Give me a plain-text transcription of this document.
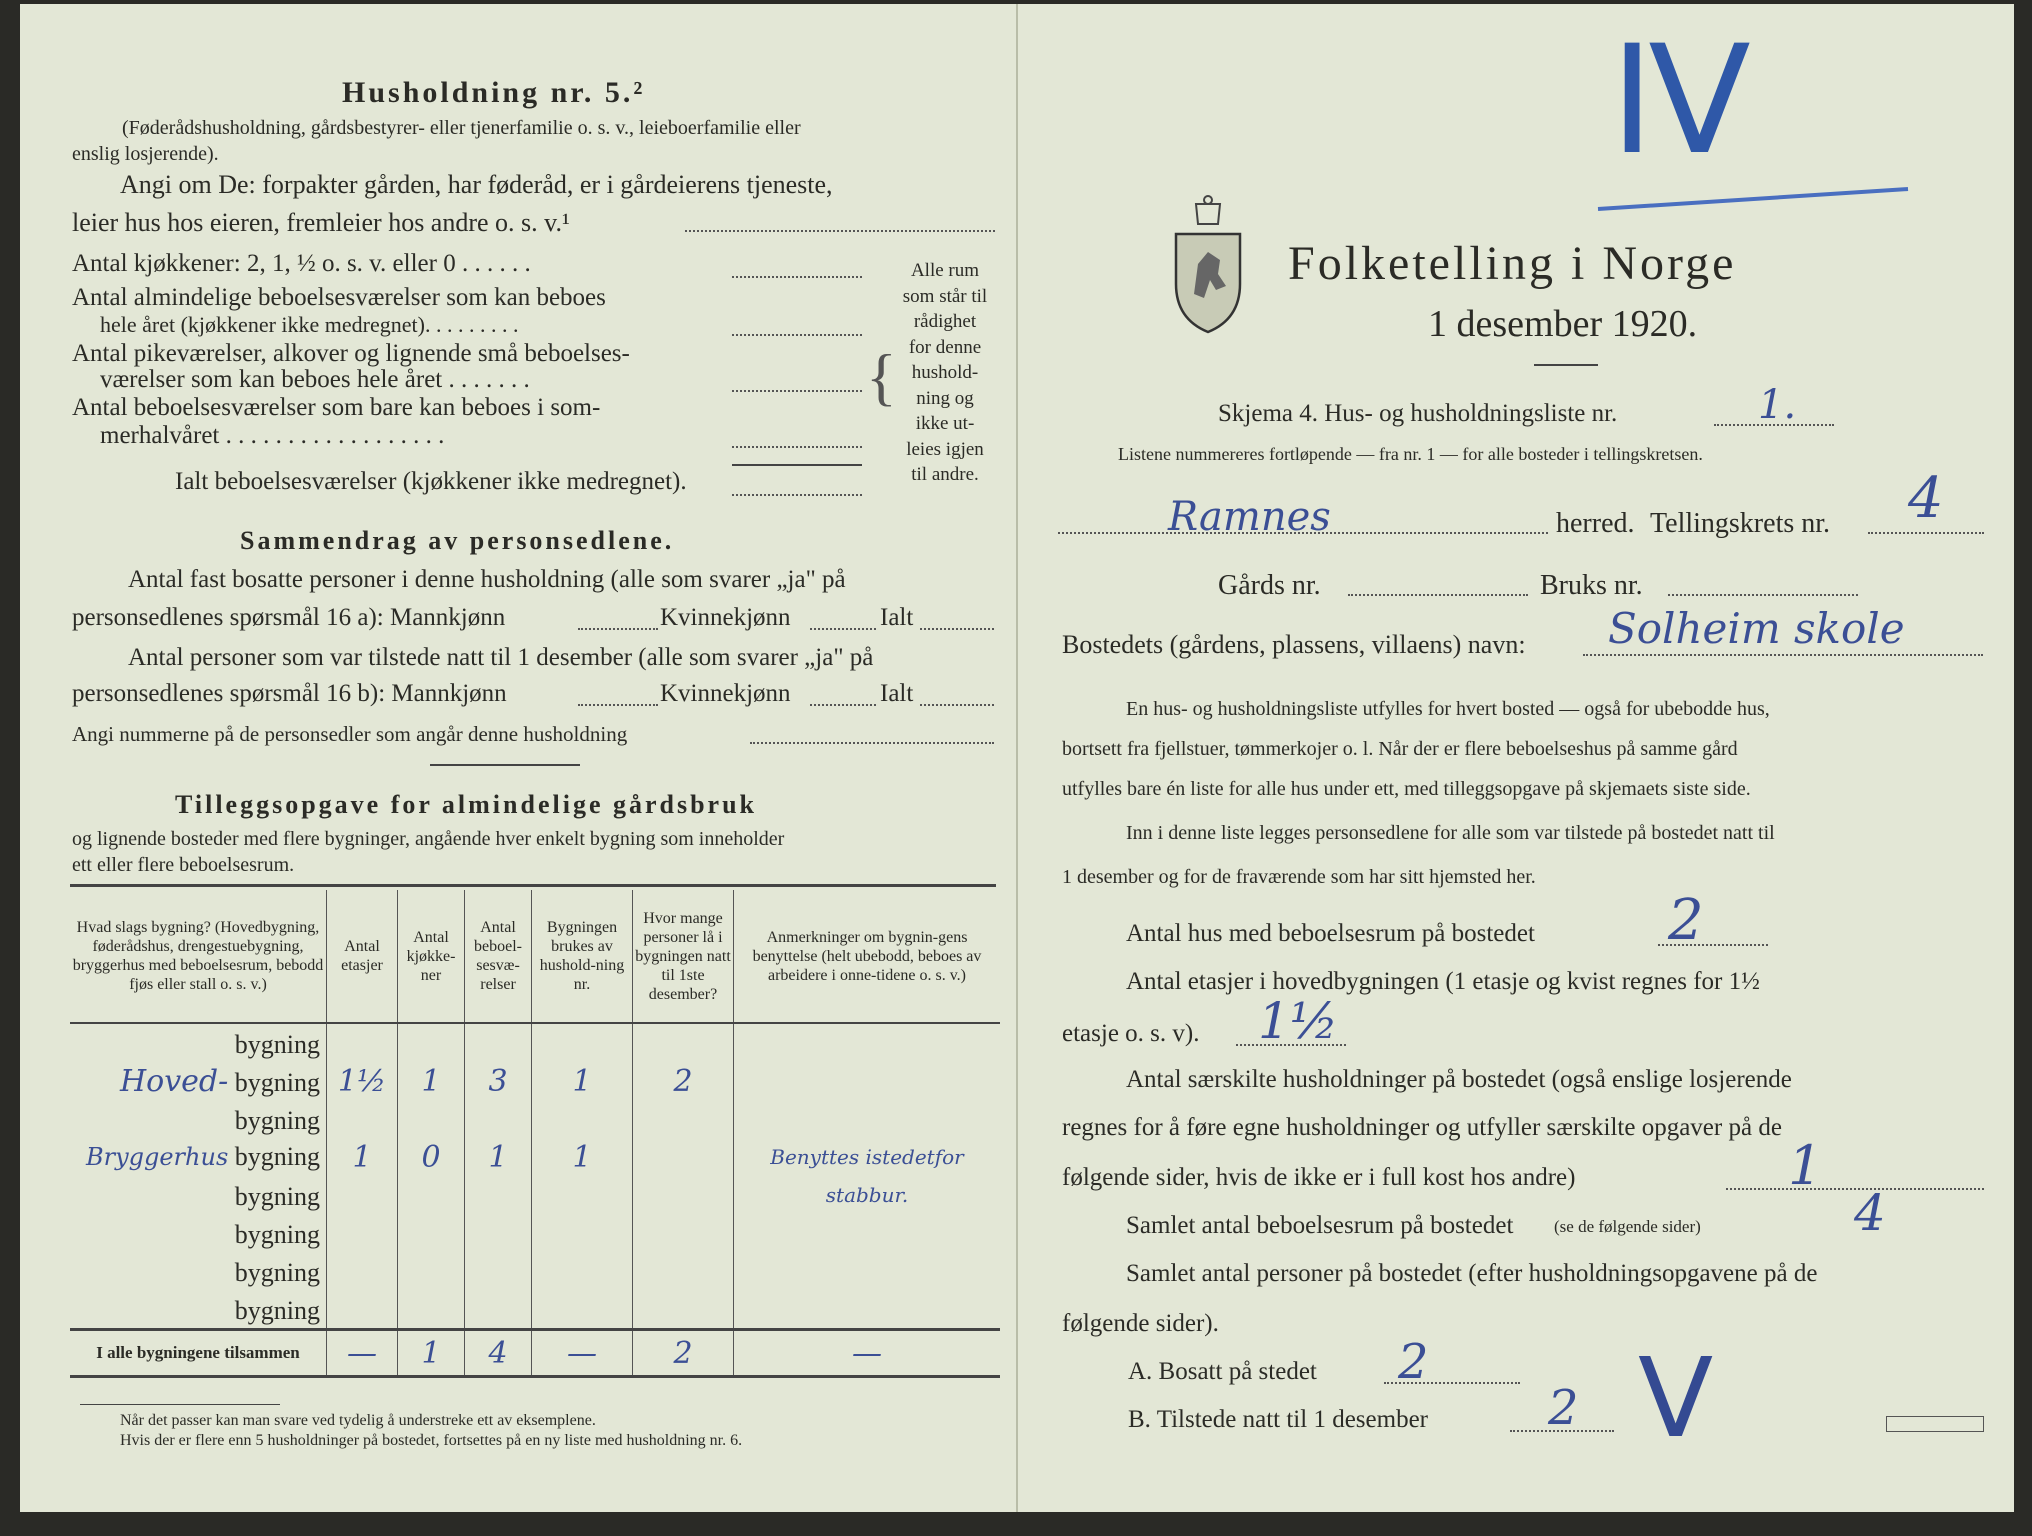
Husholdning nr. 5.²
(Føderådshusholdning, gårdsbestyrer- eller tjenerfamilie o. s. v., leieboerfamilie eller
enslig losjerende).
Angi om De: forpakter gården, har føderåd, er i gårdeierens tjeneste,
leier hus hos eieren, fremleier hos andre o. s. v.¹
Antal kjøkkener: 2, 1, ½ o. s. v. eller 0 . . . . . .
Antal almindelige beboelsesværelser som kan beboes
hele året (kjøkkener ikke medregnet). . . . . . . . .
Antal pikeværelser, alkover og lignende små beboelses-
værelser som kan beboes hele året . . . . . . .
Antal beboelsesværelser som bare kan beboes i som-
merhalvåret . . . . . . . . . . . . . . . . . .
Ialt beboelsesværelser (kjøkkener ikke medregnet).
{
Alle rum
som står til
rådighet
for denne
hushold-
ning og
ikke ut-
leies igjen
til andre.
Sammendrag av personsedlene.
Antal fast bosatte personer i denne husholdning (alle som svarer „ja" på
personsedlenes spørsmål 16 a): Mannkjønn	Kvinnekjønn	Ialt
Antal personer som var tilstede natt til 1 desember (alle som svarer „ja" på
personsedlenes spørsmål 16 b): Mannkjønn	Kvinnekjønn	Ialt
Angi nummerne på de personsedler som angår denne husholdning
Tilleggsopgave for almindelige gårdsbruk
og lignende bosteder med flere bygninger, angående hver enkelt bygning som inneholder
ett eller flere beboelsesrum.
Hvad slags bygning? (Hovedbygning, føderådshus, drengestuebygning, bryggerhus med beboelsesrum, bebodd fjøs eller stall o. s. v.)	Antal etasjer	Antal kjøkke-ner	Antal beboel-sesvæ-relser	Bygningen brukes av hushold-ning nr.	Hvor mange personer lå i bygningen natt til 1ste desember?	Anmerkninger om bygnin-gens benyttelse (helt ubebodd, beboes av arbeidere i onne-tidene o. s. v.)
bygning						
Hoved- bygning	1½	1	3	1	2	
bygning						
Bryggerhus bygning	1	0	1	1		Benyttes istedetfor
bygning						stabbur.
bygning						
bygning						
bygning						
I alle bygningene tilsammen	—	1	4	—	2	—
Når det passer kan man svare ved tydelig å understreke ett av eksemplene.
Hvis der er flere enn 5 husholdninger på bostedet, fortsettes på en ny liste med husholdning nr. 6.
IV
Folketelling i Norge
1 desember 1920.
Skjema 4. Hus- og husholdningsliste nr.	1.
Listene nummereres fortløpende — fra nr. 1 — for alle bosteder i tellingskretsen.
Ramnes	herred. Tellingskrets nr. 4
Gårds nr.	Bruks nr.
Bostedets (gårdens, plassens, villaens) navn: Solheim skole
En hus- og husholdningsliste utfylles for hvert bosted — også for ubebodde hus,
bortsett fra fjellstuer, tømmerkojer o. l. Når der er flere beboelseshus på samme gård
utfylles bare én liste for alle hus under ett, med tilleggsopgave på skjemaets siste side.
Inn i denne liste legges personsedlene for alle som var tilstede på bostedet natt til
1 desember og for de fraværende som har sitt hjemsted her.
Antal hus med beboelsesrum på bostedet 2
Antal etasjer i hovedbygningen (1 etasje og kvist regnes for 1½
etasje o. s. v). 1½
Antal særskilte husholdninger på bostedet (også enslige losjerende
regnes for å føre egne husholdninger og utfyller særskilte opgaver på de
følgende sider, hvis de ikke er i full kost hos andre)	1
Samlet antal beboelsesrum på bostedet (se de følgende sider)	4
Samlet antal personer på bostedet (efter husholdningsopgavene på de
følgende sider).
A. Bosatt på stedet 2
B. Tilstede natt til 1 desember	2 V
